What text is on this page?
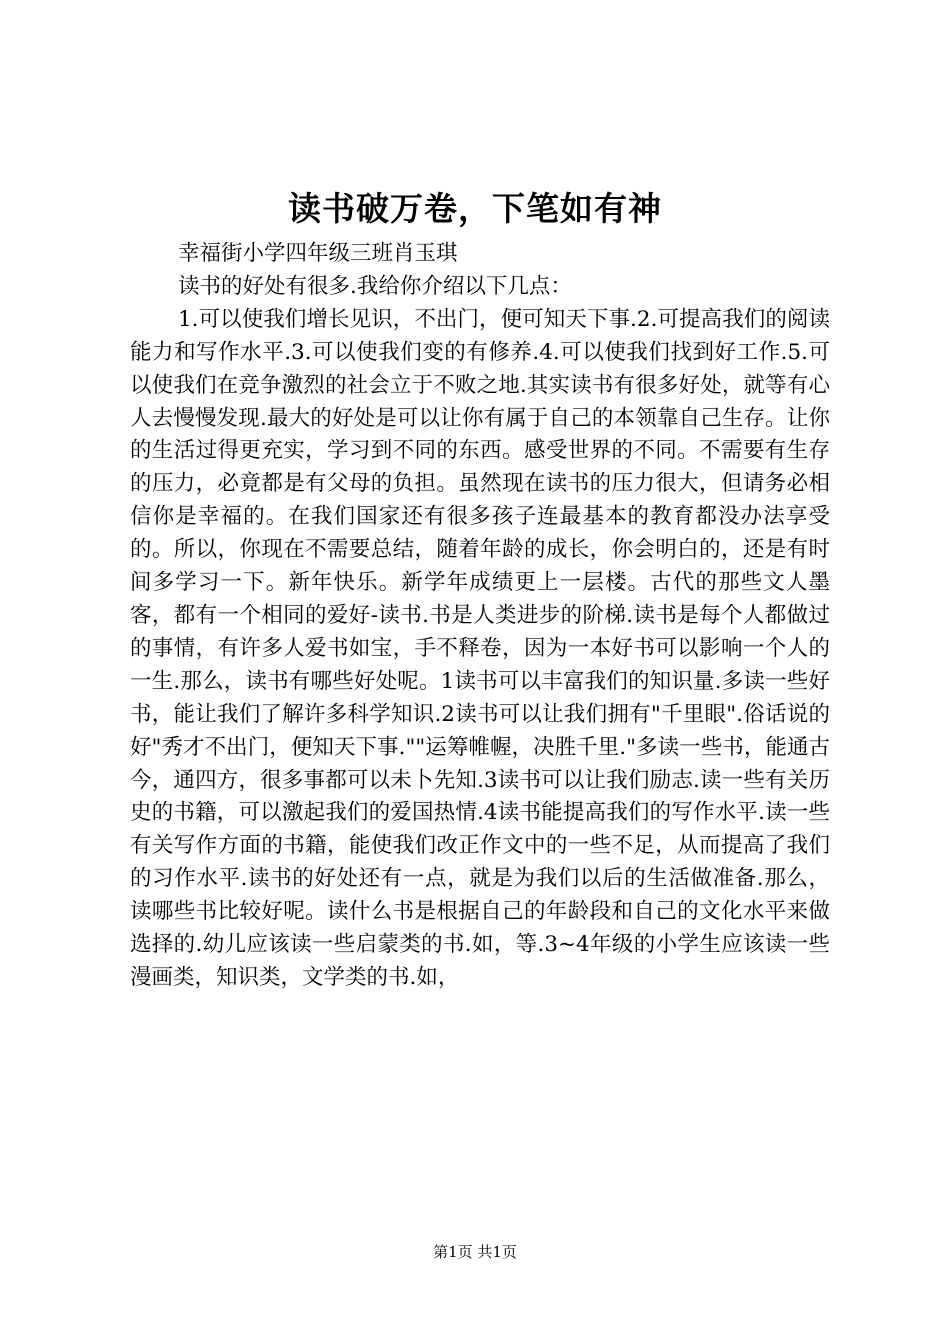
读书破万卷，下笔如有神

幸福街小学四年级三班肖玉琪

读书的好处有很多.我给你介绍以下几点：

1.可以使我们增长见识，不出门，便可知天下事.2.可提高我们的阅读能力和写作水平.3.可以使我们变的有修养.4.可以使我们找到好工作.5.可以使我们在竞争激烈的社会立于不败之地.其实读书有很多好处，就等有心人去慢慢发现.最大的好处是可以让你有属于自己的本领靠自己生存。让你的生活过得更充实，学习到不同的东西。感受世界的不同。不需要有生存的压力，必竟都是有父母的负担。虽然现在读书的压力很大，但请务必相信你是幸福的。在我们国家还有很多孩子连最基本的教育都没办法享受的。所以，你现在不需要总结，随着年龄的成长，你会明白的，还是有时间多学习一下。新年快乐。新学年成绩更上一层楼。古代的那些文人墨客，都有一个相同的爱好-读书.书是人类进步的阶梯.读书是每个人都做过的事情，有许多人爱书如宝，手不释卷，因为一本好书可以影响一个人的一生.那么，读书有哪些好处呢。1读书可以丰富我们的知识量.多读一些好书，能让我们了解许多科学知识.2读书可以让我们拥有"千里眼".俗话说的好"秀才不出门，便知天下事.""运筹帷幄，决胜千里."多读一些书，能通古今，通四方，很多事都可以未卜先知.3读书可以让我们励志.读一些有关历史的书籍，可以激起我们的爱国热情.4读书能提高我们的写作水平.读一些有关写作方面的书籍，能使我们改正作文中的一些不足，从而提高了我们的习作水平.读书的好处还有一点，就是为我们以后的生活做准备.那么，读哪些书比较好呢。读什么书是根据自己的年龄段和自己的文化水平来做选择的.幼儿应该读一些启蒙类的书.如，等.3~4年级的小学生应该读一些漫画类，知识类，文学类的书.如，

第1页 共1页
